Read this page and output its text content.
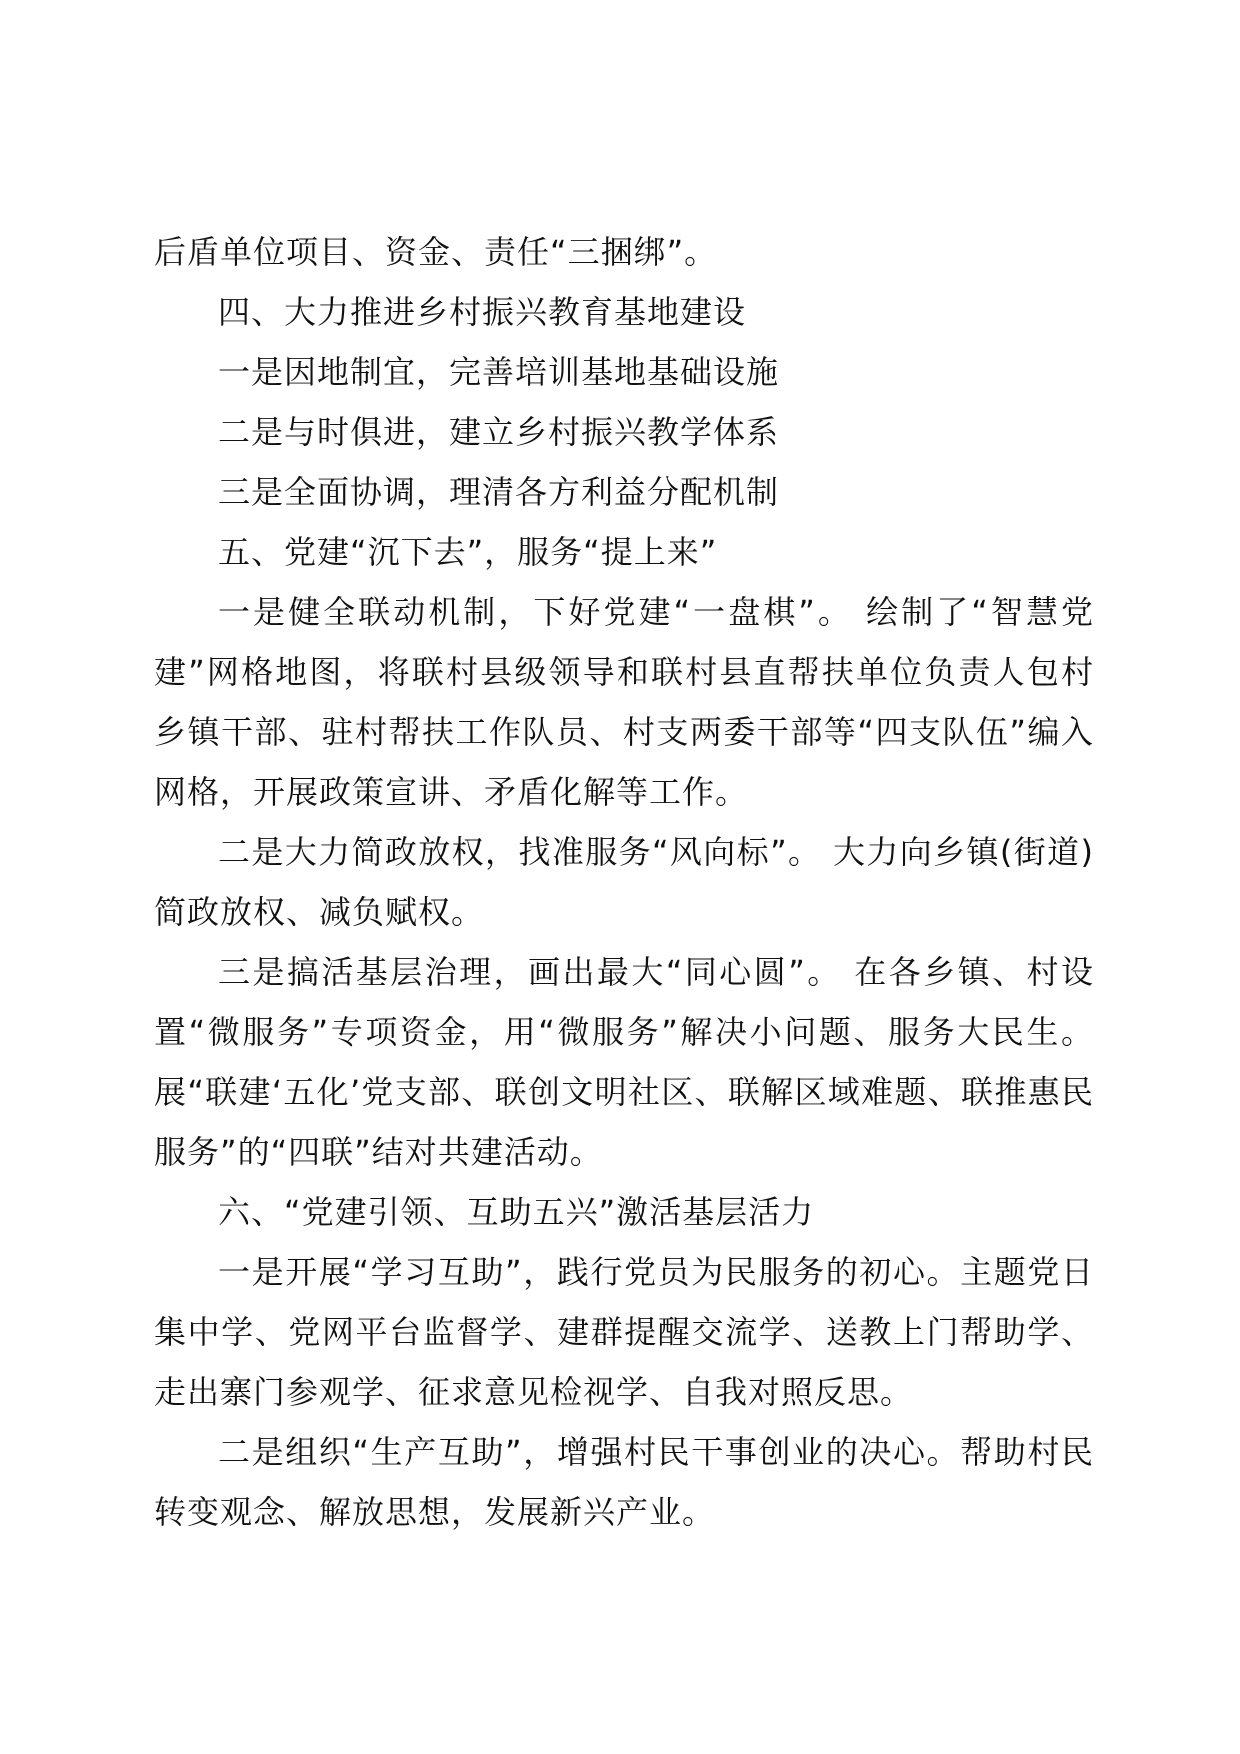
后盾单位项目、资金、责任“三捆绑”。

四、大力推进乡村振兴教育基地建设

一是因地制宜，完善培训基地基础设施

二是与时俱进，建立乡村振兴教学体系

三是全面协调，理清各方利益分配机制

五、党建“沉下去”，服务“提上来”

一是健全联动机制，下好党建“一盘棋”。 绘制了“智慧党建”网格地图，将联村县级领导和联村县直帮扶单位负责人包村乡镇干部、驻村帮扶工作队员、村支两委干部等“四支队伍”编入网格，开展政策宣讲、矛盾化解等工作。

二是大力简政放权，找准服务“风向标”。 大力向乡镇(街道)简政放权、减负赋权。

三是搞活基层治理，画出最大“同心圆”。 在各乡镇、村设置“微服务”专项资金，用“微服务”解决小问题、服务大民生。展“联建‘五化’党支部、联创文明社区、联解区域难题、联推惠民服务”的“四联”结对共建活动。

六、“党建引领、互助五兴”激活基层活力

一是开展“学习互助”，践行党员为民服务的初心。主题党日集中学、党网平台监督学、建群提醒交流学、送教上门帮助学、走出寨门参观学、征求意见检视学、自我对照反思。

二是组织“生产互助”，增强村民干事创业的决心。帮助村民转变观念、解放思想，发展新兴产业。
